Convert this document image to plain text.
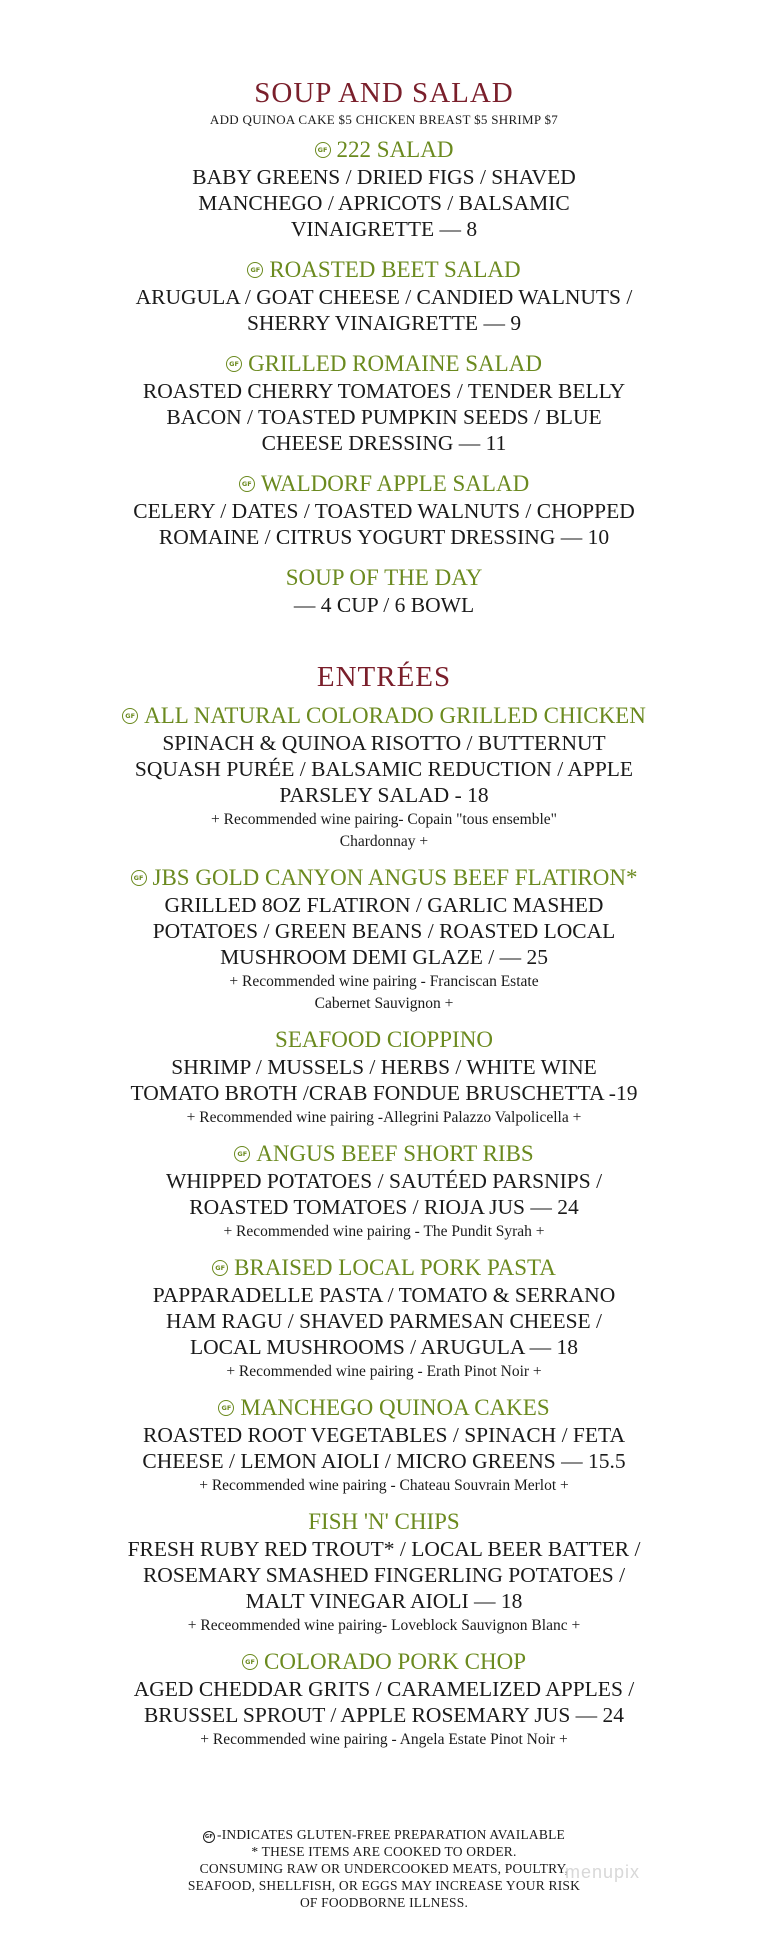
SOUP AND SALAD

ADD QUINOA CAKE $5 CHICKEN BREAST $5 SHRIMP $7

GF 222 SALAD
BABY GREENS / DRIED FIGS / SHAVED
MANCHEGO / APRICOTS / BALSAMIC
VINAIGRETTE — 8
GF ROASTED BEET SALAD
ARUGULA / GOAT CHEESE / CANDIED WALNUTS /
SHERRY VINAIGRETTE — 9
GF GRILLED ROMAINE SALAD
ROASTED CHERRY TOMATOES / TENDER BELLY
BACON / TOASTED PUMPKIN SEEDS / BLUE
CHEESE DRESSING — 11
GF WALDORF APPLE SALAD
CELERY / DATES / TOASTED WALNUTS / CHOPPED
ROMAINE / CITRUS YOGURT DRESSING — 10
SOUP OF THE DAY
— 4 CUP / 6 BOWL
ENTRÉES
GF ALL NATURAL COLORADO GRILLED CHICKEN
SPINACH & QUINOA RISOTTO / BUTTERNUT
SQUASH PURÉE / BALSAMIC REDUCTION / APPLE
PARSLEY SALAD - 18
+ Recommended wine pairing- Copain "tous ensemble"
Chardonnay +
GF JBS GOLD CANYON ANGUS BEEF FLATIRON*
GRILLED 8OZ FLATIRON / GARLIC MASHED
POTATOES / GREEN BEANS / ROASTED LOCAL
MUSHROOM DEMI GLAZE / — 25
+ Recommended wine pairing - Franciscan Estate
Cabernet Sauvignon +
SEAFOOD CIOPPINO
SHRIMP / MUSSELS / HERBS / WHITE WINE
TOMATO BROTH /CRAB FONDUE BRUSCHETTA -19
+ Recommended wine pairing -Allegrini Palazzo Valpolicella +
GF ANGUS BEEF SHORT RIBS
WHIPPED POTATOES / SAUTÉED PARSNIPS /
ROASTED TOMATOES / RIOJA JUS — 24
+ Recommended wine pairing - The Pundit Syrah +
GF BRAISED LOCAL PORK PASTA
PAPPARADELLE PASTA / TOMATO & SERRANO
HAM RAGU / SHAVED PARMESAN CHEESE /
LOCAL MUSHROOMS / ARUGULA — 18
+ Recommended wine pairing - Erath Pinot Noir +
GF MANCHEGO QUINOA CAKES
ROASTED ROOT VEGETABLES / SPINACH / FETA
CHEESE / LEMON AIOLI / MICRO GREENS — 15.5
+ Recommended wine pairing - Chateau Souvrain Merlot +
FISH 'N' CHIPS
FRESH RUBY RED TROUT* / LOCAL BEER BATTER /
ROSEMARY SMASHED FINGERLING POTATOES /
MALT VINEGAR AIOLI — 18
+ Receommended wine pairing- Loveblock Sauvignon Blanc +
GF COLORADO PORK CHOP
AGED CHEDDAR GRITS / CARAMELIZED APPLES /
BRUSSEL SPROUT / APPLE ROSEMARY JUS — 24
+ Recommended wine pairing - Angela Estate Pinot Noir +
GF -INDICATES GLUTEN-FREE PREPARATION AVAILABLE
* THESE ITEMS ARE COOKED TO ORDER.
CONSUMING RAW OR UNDERCOOKED MEATS, POULTRY,
SEAFOOD, SHELLFISH, OR EGGS MAY INCREASE YOUR RISK
OF FOODBORNE ILLNESS.
menupix
